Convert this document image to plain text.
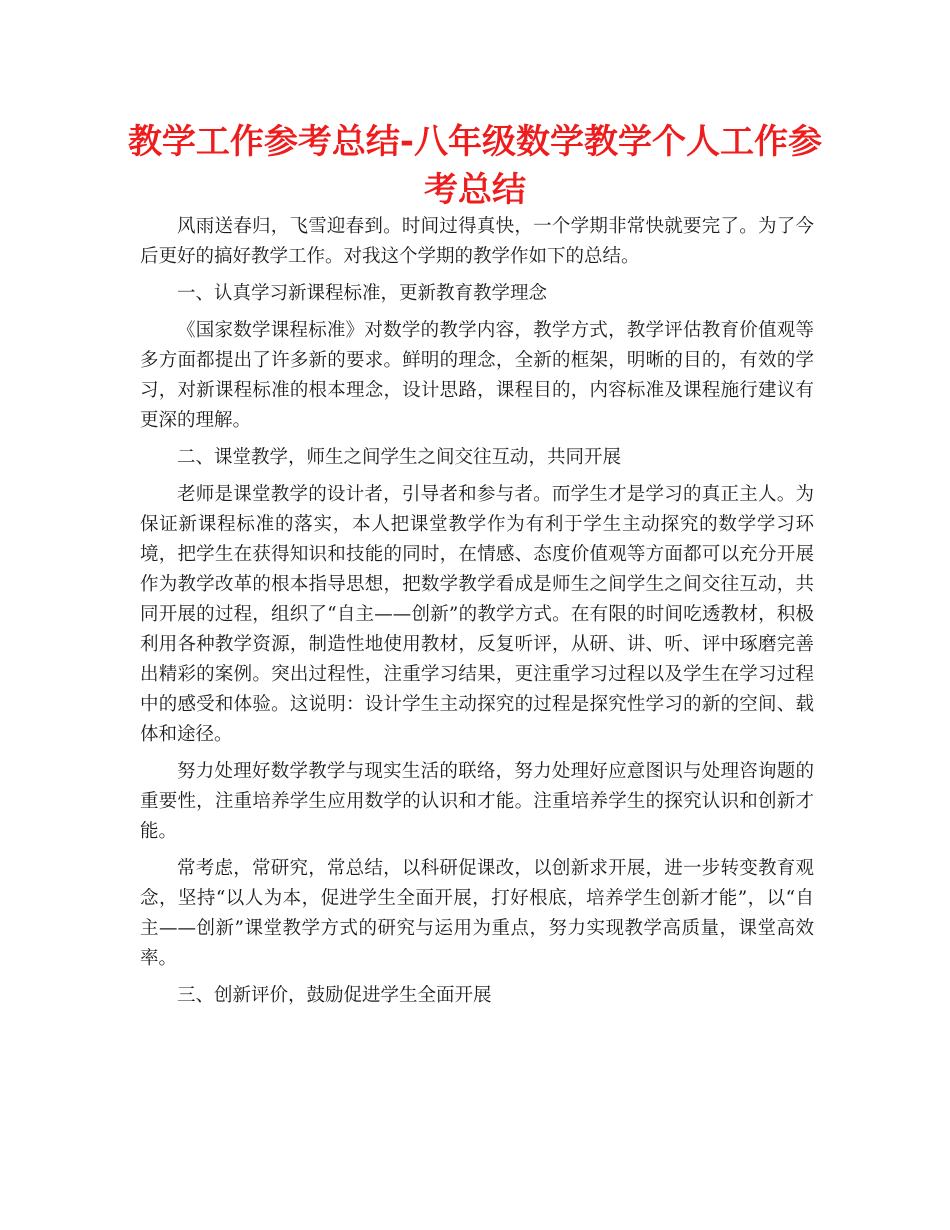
教学工作参考总结-八年级数学教学个人工作参考总结

风雨送春归，飞雪迎春到。时间过得真快，一个学期非常快就要完了。为了今后更好的搞好教学工作。对我这个学期的教学作如下的总结。

一、认真学习新课程标准，更新教育教学理念

《国家数学课程标准》对数学的教学内容，教学方式，教学评估教育价值观等多方面都提出了许多新的要求。鲜明的理念，全新的框架，明晰的目的，有效的学习，对新课程标准的根本理念，设计思路，课程目的，内容标准及课程施行建议有更深的理解。

二、课堂教学，师生之间学生之间交往互动，共同开展

老师是课堂教学的设计者，引导者和参与者。而学生才是学习的真正主人。为保证新课程标准的落实，本人把课堂教学作为有利于学生主动探究的数学学习环境，把学生在获得知识和技能的同时，在情感、态度价值观等方面都可以充分开展作为教学改革的根本指导思想，把数学教学看成是师生之间学生之间交往互动，共同开展的过程，组织了“自主——创新”的教学方式。在有限的时间吃透教材，积极利用各种教学资源，制造性地使用教材，反复听评，从研、讲、听、评中琢磨完善出精彩的案例。突出过程性，注重学习结果，更注重学习过程以及学生在学习过程中的感受和体验。这说明：设计学生主动探究的过程是探究性学习的新的空间、载体和途径。

努力处理好数学教学与现实生活的联络，努力处理好应意图识与处理咨询题的重要性，注重培养学生应用数学的认识和才能。注重培养学生的探究认识和创新才能。

常考虑，常研究，常总结，以科研促课改，以创新求开展，进一步转变教育观念，坚持“以人为本，促进学生全面开展，打好根底，培养学生创新才能”，以“自主——创新”课堂教学方式的研究与运用为重点，努力实现教学高质量，课堂高效率。

三、创新评价，鼓励促进学生全面开展
